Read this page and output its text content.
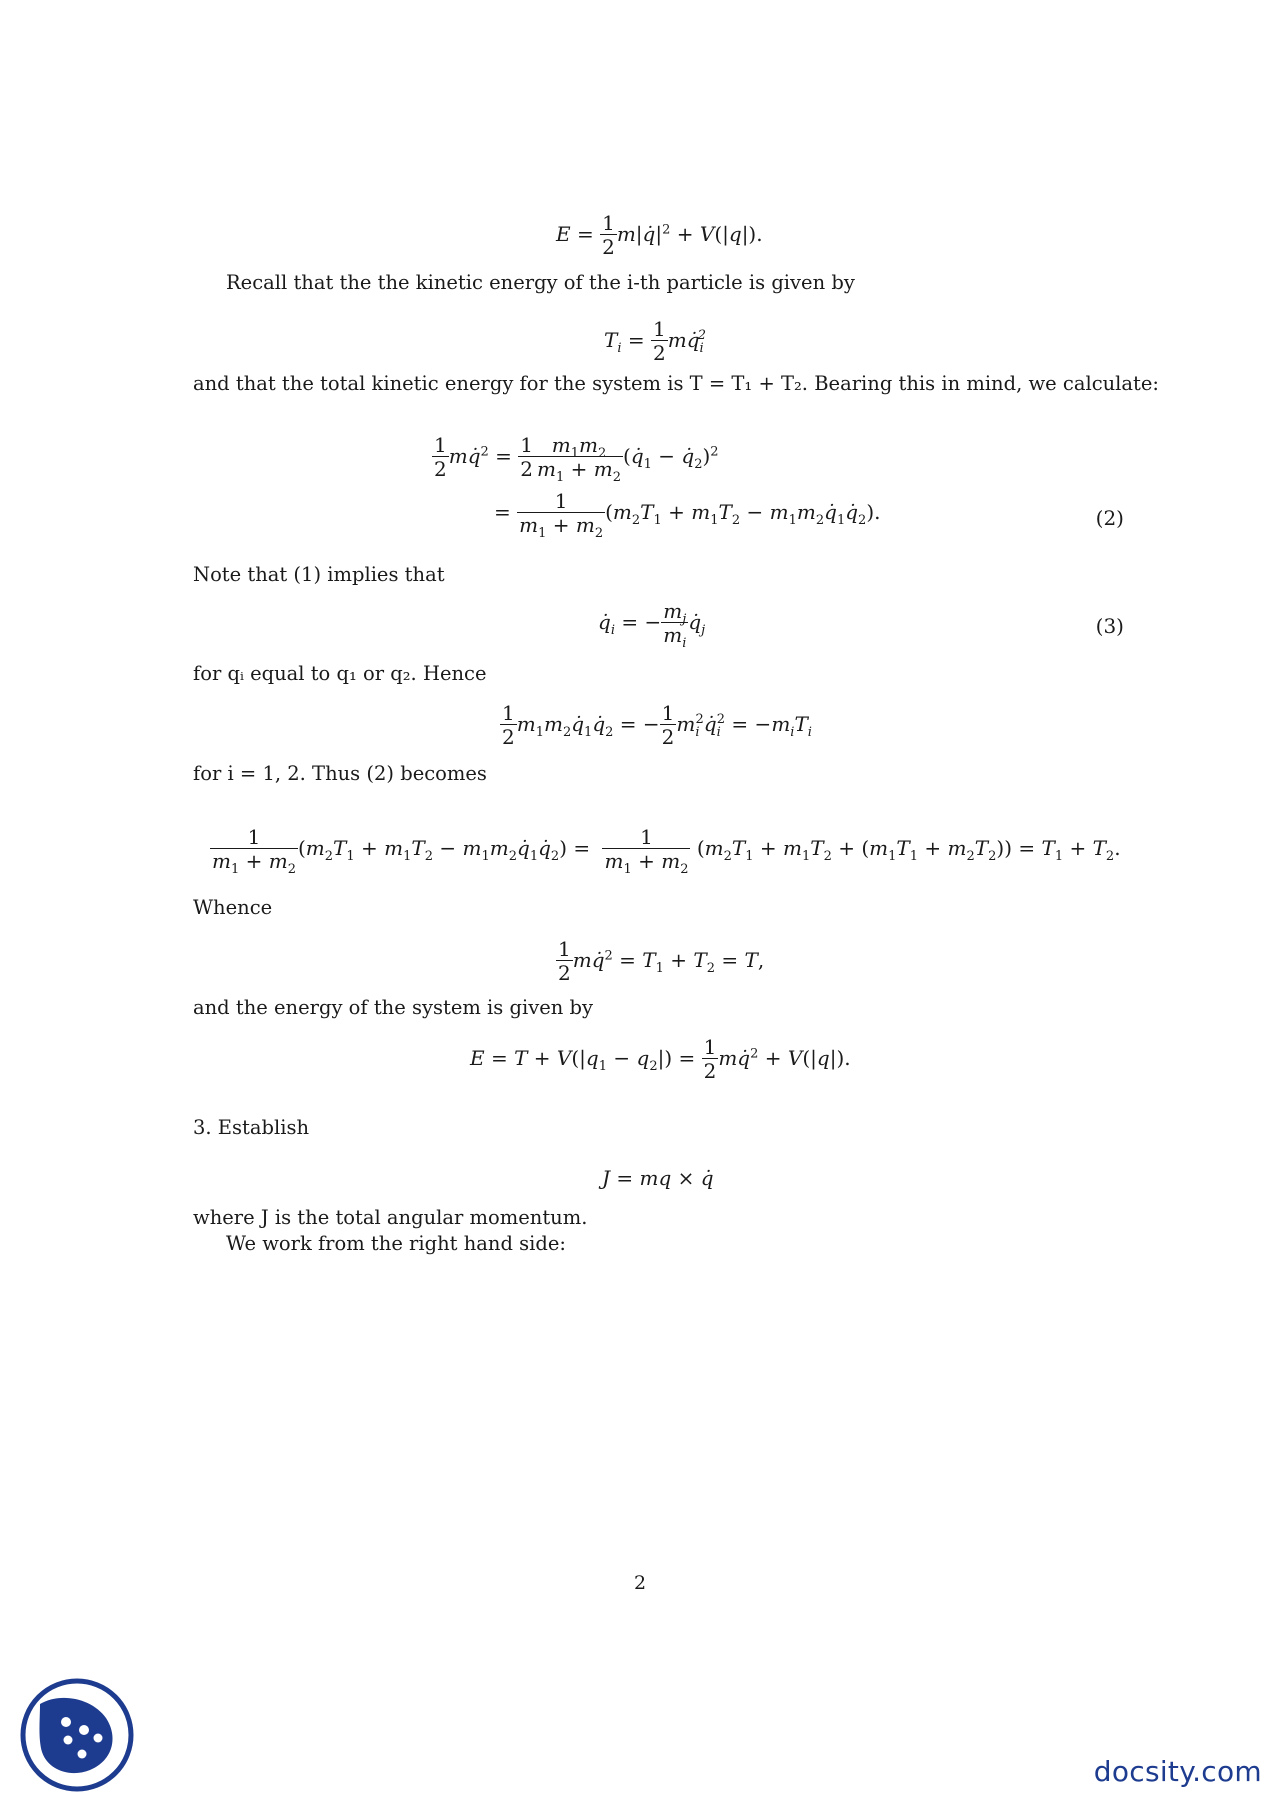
$E = \frac{1}{2}$ $m|q̇|^2 + V(|q|)$.
Recall that the the kinetic energy of the i-th particle is given by
$T_i = \frac{1}{2}$ $mq̇_i^2$
and that the total kinetic energy for the system is T = T₁ + T₂. Bearing this in mind, we calculate:
$\frac{1}{2}$ mq̇$^2$ = $\frac{1}{2} \frac{m_1m_2}{m_1 + m_2}$ ($q̇_1$ − $q̇_2)^2$
= $\frac{1}{m_1 + m_2} (m_2T_1 + m_1T_2$ − $m_1m_2q̇_1q̇_2$).	(2)
Note that (1) implies that
$q̇_i$ = − $\frac{m_j}{m_i}$ $q̇_j$	(3)
for qᵢ equal to q₁ or q₂. Hence
$\frac{1}{2}$ $m_1m_2q̇_1q̇_2$ = − $\frac{1}{2}$ $m_i^2q̇_i^2 = -m_iT_i$
for i = 1, 2. Thus (2) becomes
$\frac{1}{m_1 + m_2} (m_2T_1 + m_1T_2$ − $m_1m_2q̇_1q̇_2) = \frac{1}{m_1 + m_2} (m_2T_1 + m_1T_2 + (m_1T_1 + m_2T_2)) = T_1 + T_2$.
Whence
$\frac{1}{2}$ mq̇$^2$ = $T_1 + T_2 = T$,
and the energy of the system is given by
$E = T + V(|q_1 - q_2|) = \frac{1}{2}$ mq̇$^2$ + V(|q|).
3. Establish
J = mq × q̇
where J is the total angular momentum.
We work from the right hand side:
2
docsity.com
